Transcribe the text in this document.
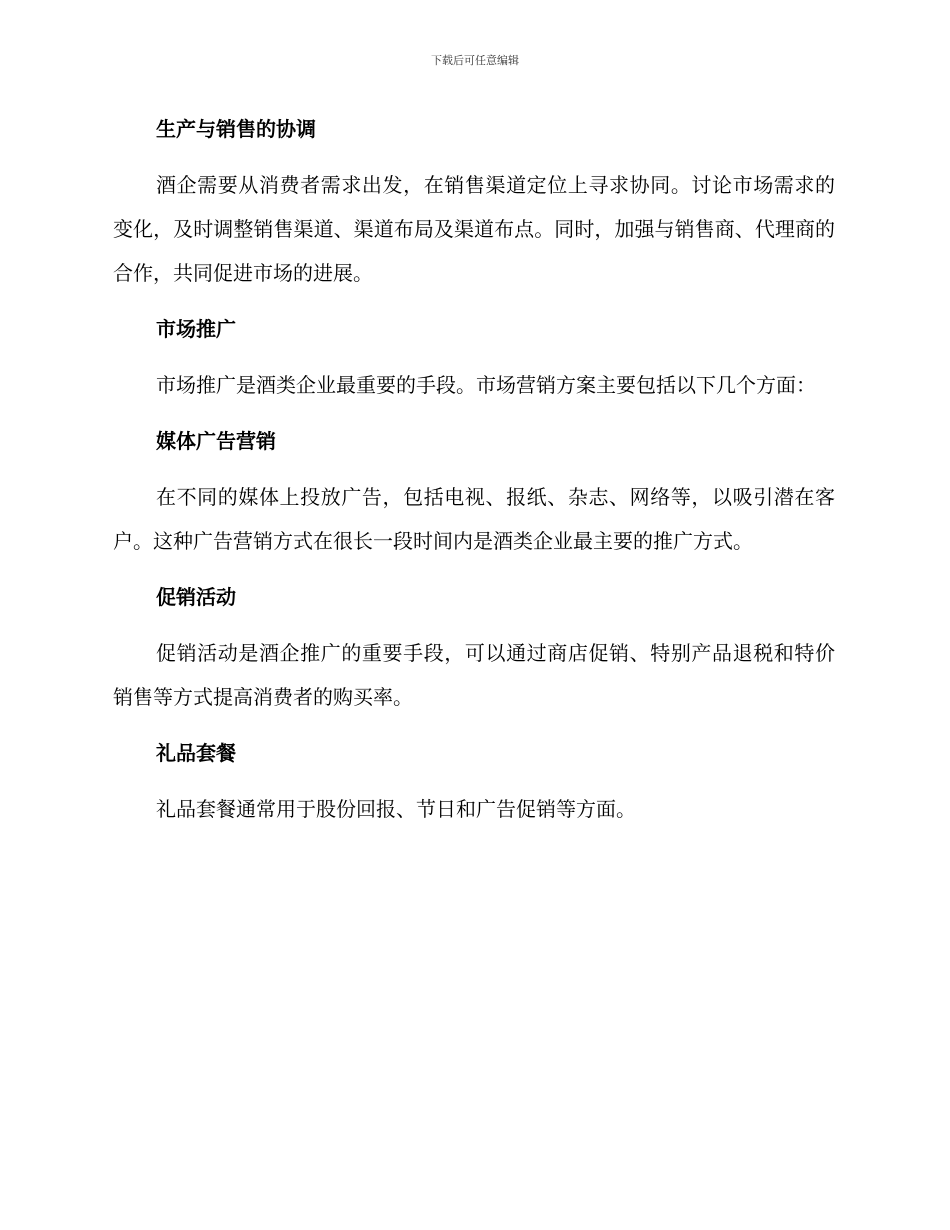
下载后可任意编辑
生产与销售的协调

酒企需要从消费者需求出发，在销售渠道定位上寻求协同。讨论市场需求的变化，及时调整销售渠道、渠道布局及渠道布点。同时，加强与销售商、代理商的合作，共同促进市场的进展。

市场推广

市场推广是酒类企业最重要的手段。市场营销方案主要包括以下几个方面：

媒体广告营销

在不同的媒体上投放广告，包括电视、报纸、杂志、网络等，以吸引潜在客户。这种广告营销方式在很长一段时间内是酒类企业最主要的推广方式。

促销活动

促销活动是酒企推广的重要手段，可以通过商店促销、特别产品退税和特价销售等方式提高消费者的购买率。

礼品套餐

礼品套餐通常用于股份回报、节日和广告促销等方面。
